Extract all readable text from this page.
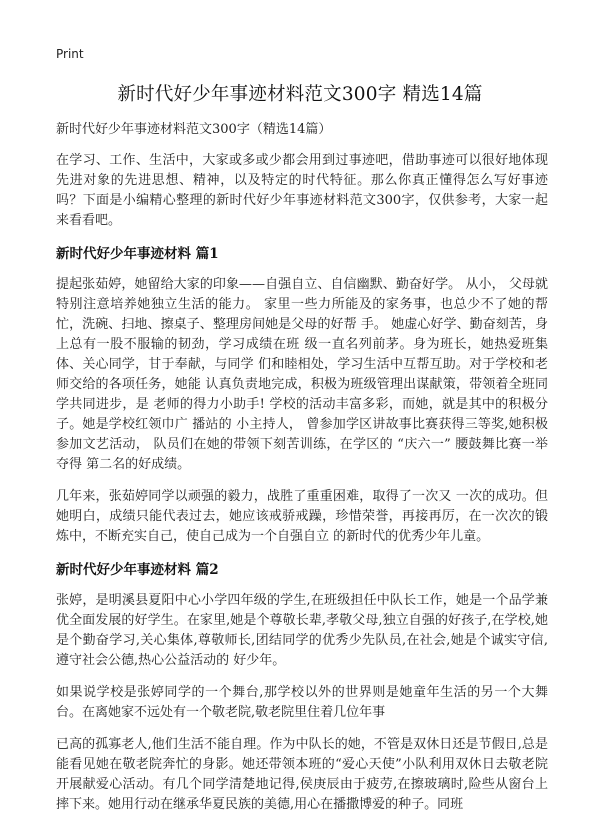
Print
新时代好少年事迹材料范文300字 精选14篇

新时代好少年事迹材料范文300字（精选14篇）

在学习、工作、生活中，大家或多或少都会用到过事迹吧，借助事迹可以很好地体现先进对象的先进思想、精神，以及特定的时代特征。那么你真正懂得怎么写好事迹吗？下面是小编精心整理的新时代好少年事迹材料范文300字，仅供参考，大家一起来看看吧。

新时代好少年事迹材料 篇1

提起张茹婷，她留给大家的印象——自强自立、自信幽默、勤奋好学。 从小， 父母就特别注意培养她独立生活的能力。 家里一些力所能及的家务事，也总少不了她的帮忙，洗碗、扫地、擦桌子、整理房间她是父母的好帮 手。 她虚心好学、勤奋刻苦，身上总有一股不服输的韧劲，学习成绩在班 级一直名列前茅。身为班长，她热爱班集体、关心同学，甘于奉献，与同学 们和睦相处，学习生活中互帮互助。对于学校和老师交给的各项任务，她能 认真负责地完成，积极为班级管理出谋献策，带领着全班同学共同进步，是 老师的得力小助手! 学校的活动丰富多彩，而她，就是其中的积极分子。她是学校红领巾广 播站的 小主持人， 曾参加学区讲故事比赛获得三等奖,她积极参加文艺活动， 队员们在她的带领下刻苦训练，在学区的 “庆六一” 腰鼓舞比赛一举夺得 第二名的好成绩。

几年来，张茹婷同学以顽强的毅力，战胜了重重困难，取得了一次又 一次的成功。但她明白，成绩只能代表过去，她应该戒骄戒躁，珍惜荣誉，再接再厉，在一次次的锻炼中，不断充实自己，使自己成为一个自强自立 的新时代的优秀少年儿童。

新时代好少年事迹材料 篇2

张婷，是明溪县夏阳中心小学四年级的学生,在班级担任中队长工作，她是一个品学兼优全面发展的好学生。在家里,她是个尊敬长辈,孝敬父母,独立自强的好孩子,在学校,她是个勤奋学习,关心集体,尊敬师长,团结同学的优秀少先队员,在社会,她是个诚实守信,遵守社会公德,热心公益活动的 好少年。

如果说学校是张婷同学的一个舞台,那学校以外的世界则是她童年生活的另一个大舞台。在离她家不远处有一个敬老院,敬老院里住着几位年事

已高的孤寡老人,他们生活不能自理。作为中队长的她，不管是双休日还是节假日,总是能看见她在敬老院奔忙的身影。她还带领本班的“爱心天使”小队利用双休日去敬老院开展献爱心活动。有几个同学清楚地记得,侯庚辰由于疲劳,在擦玻璃时,险些从窗台上摔下来。她用行动在继承华夏民族的美德,用心在播撒博爱的种子。同班
